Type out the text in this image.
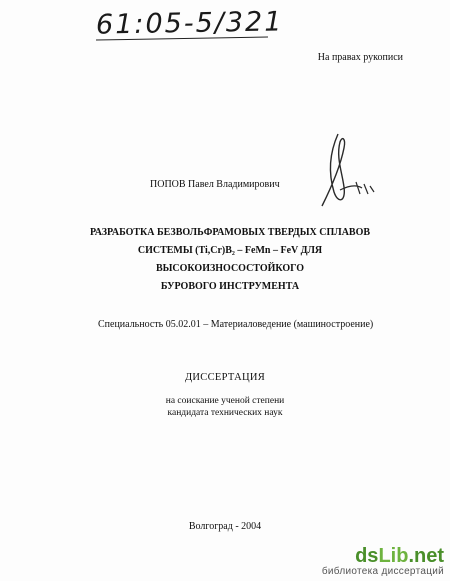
61:05-5/321
На правах рукописи
ПОПОВ Павел Владимирович
РАЗРАБОТКА БЕЗВОЛЬФРАМОВЫХ ТВЕРДЫХ СПЛАВОВ
СИСТЕМЫ (Ti,Cr)B₂ – FeMn – FeV ДЛЯ
ВЫСОКОИЗНОСОСТОЙКОГО
БУРОВОГО ИНСТРУМЕНТА
Специальность 05.02.01 – Материаловедение (машиностроение)
ДИССЕРТАЦИЯ
на соискание ученой степени
кандидата технических наук
Волгоград - 2004
dsLib.net
библиотека диссертаций
